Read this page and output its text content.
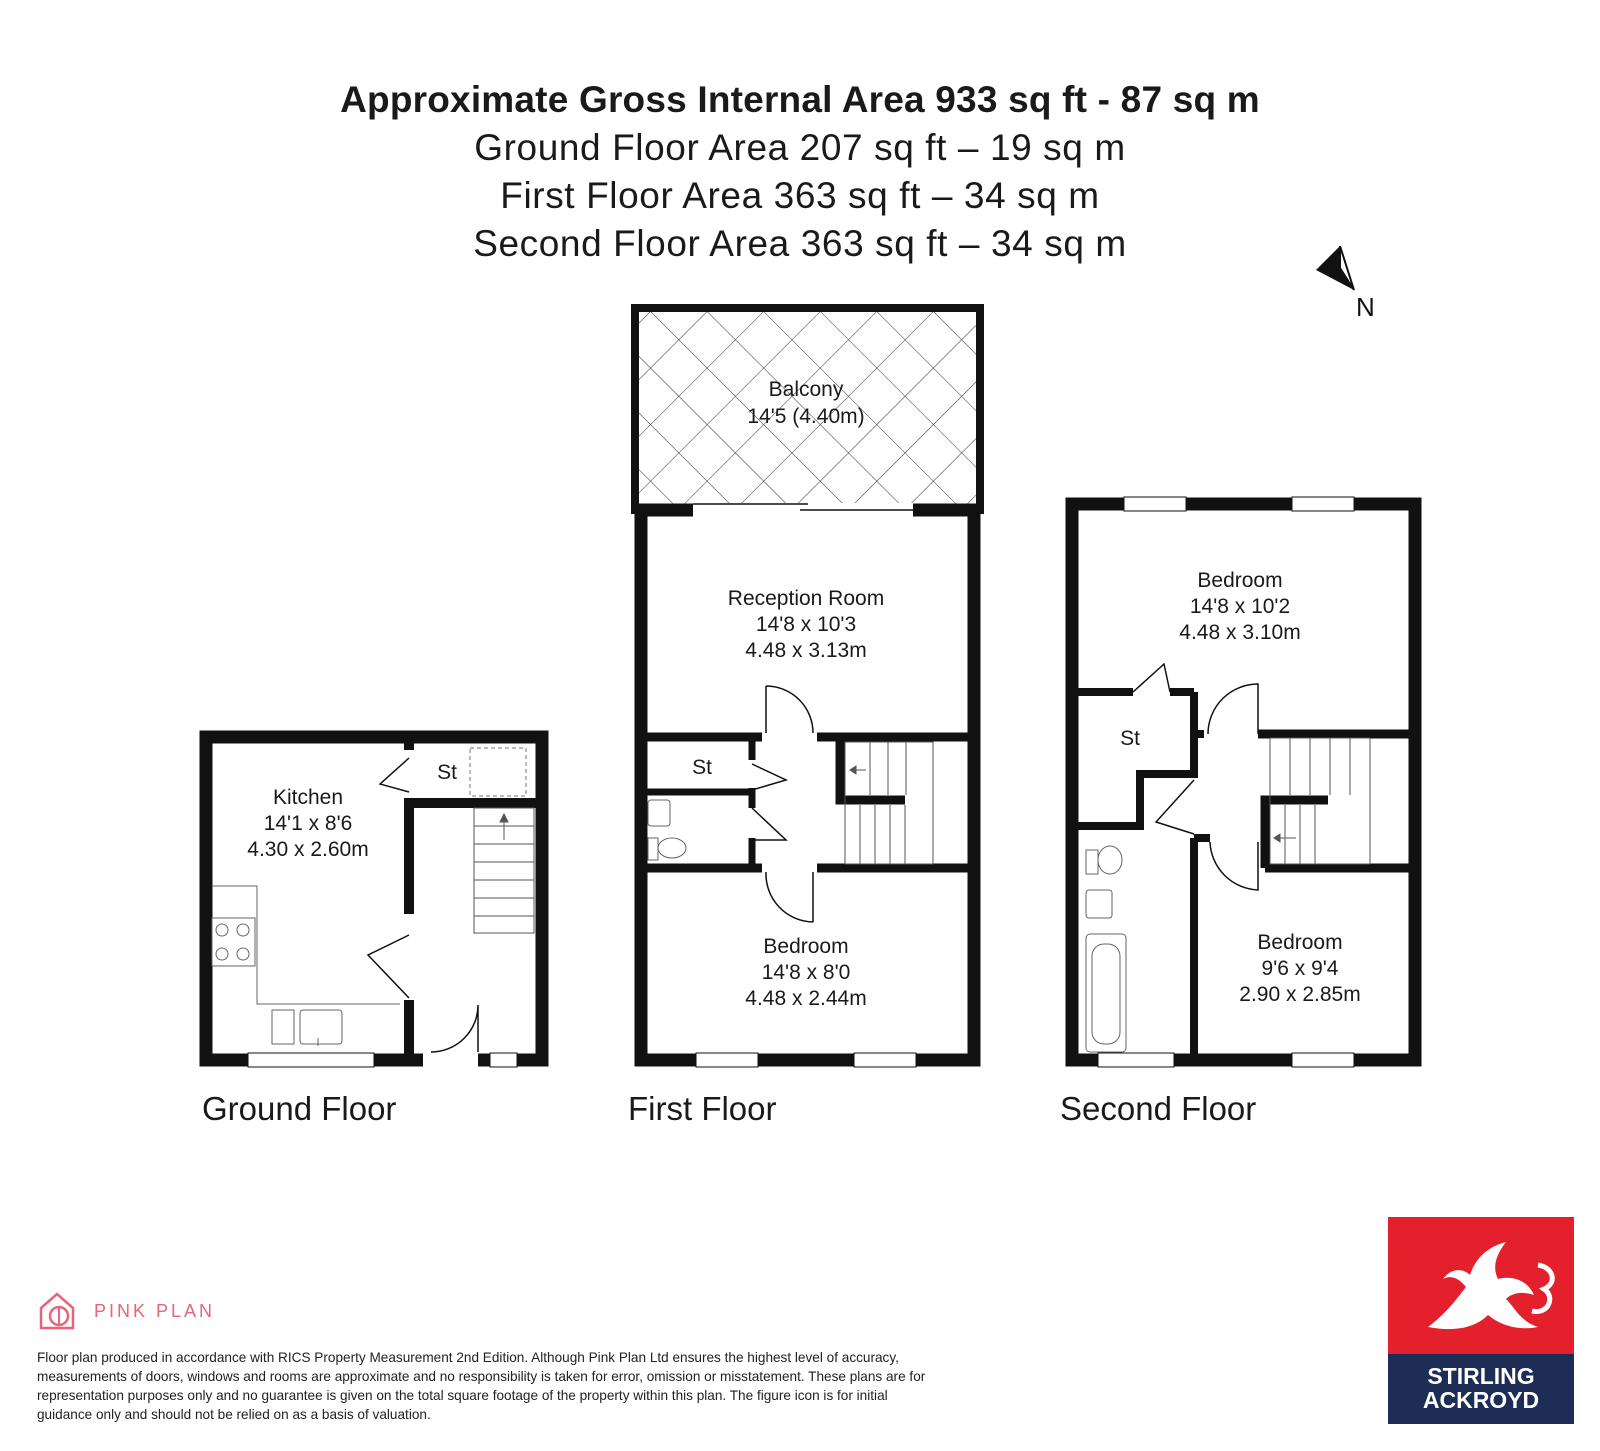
Approximate Gross Internal Area 933 sq ft - 87 sq m
Ground Floor Area 207 sq ft – 19 sq m
First Floor Area 363 sq ft – 34 sq m
Second Floor Area 363 sq ft – 34 sq m
N
Kitchen
14'1 x 8'6
4.30 x 2.60m
St
Balcony
14'5 (4.40m)
Reception Room
14'8 x 10'3
4.48 x 3.13m
St
Bedroom
14'8 x 8'0
4.48 x 2.44m
Bedroom
14'8 x 10'2
4.48 x 3.10m
St
Bedroom
9'6 x 9'4
2.90 x 2.85m
Ground Floor	First Floor	Second Floor
PINK PLAN
Floor plan produced in accordance with RICS Property Measurement 2nd Edition. Although Pink Plan Ltd ensures the highest level of accuracy, measurements of doors, windows and rooms are approximate and no responsibility is taken for error, omission or misstatement. These plans are for representation purposes only and no guarantee is given on the total square footage of the property within this plan. The figure icon is for initial guidance only and should not be relied on as a basis of valuation.
STIRLING
ACKROYD
